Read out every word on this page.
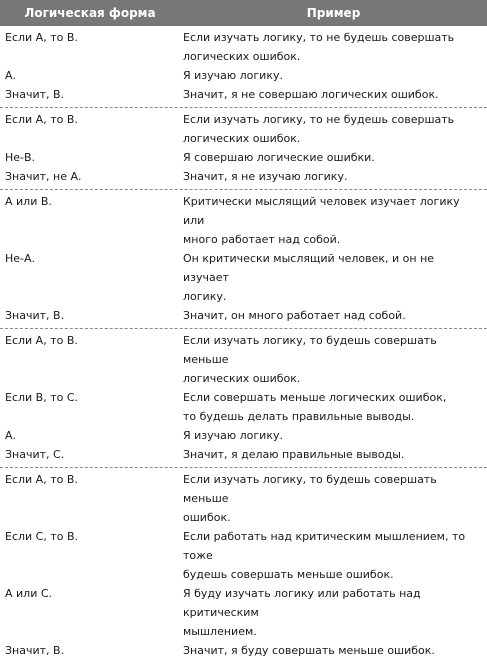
Логическая форма	Пример
Если А, то В.	Если изучать логику, то не будешь совершать
логических ошибок.
А.	Я изучаю логику.
Значит, В.	Значит, я не совершаю логических ошибок.
Если А, то В.	Если изучать логику, то не будешь совершать
логических ошибок.
Не-В.	Я совершаю логические ошибки.
Значит, не А.	Значит, я не изучаю логику.
А или В.	Критически мыслящий человек изучает логику или
много работает над собой.
Не-А.	Он критически мыслящий человек, и он не изучает
логику.
Значит, В.	Значит, он много работает над собой.
Если А, то В.	Если изучать логику, то будешь совершать меньше
логических ошибок.
Если В, то С.	Если совершать меньше логических ошибок,
то будешь делать правильные выводы.
А.	Я изучаю логику.
Значит, С.	Значит, я делаю правильные выводы.
Если А, то В.	Если изучать логику, то будешь совершать меньше
ошибок.
Если С, то В.	Если работать над критическим мышлением, то тоже
будешь совершать меньше ошибок.
А или С.	Я буду изучать логику или работать над критическим
мышлением.
Значит, В.	Значит, я буду совершать меньше ошибок.
